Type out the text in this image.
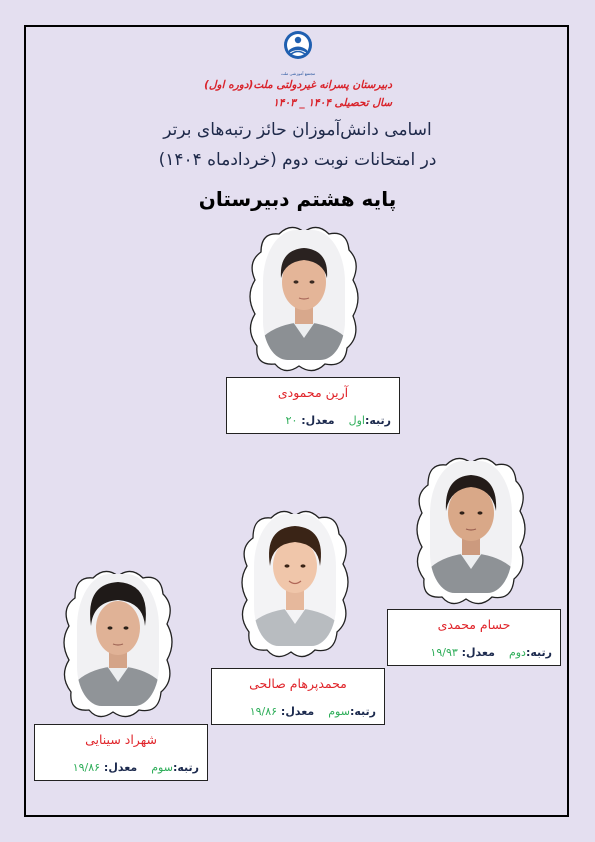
مجتمع آموزشی ملت
دبیرستان پسرانه غیردولتی ملت(دوره اول)
سال تحصیلی ۱۴۰۴ _ ۱۴۰۳
اسامی دانش‌آموزان حائز رتبه‌های برتر
در امتحانات نوبت دوم (خردادماه ۱۴۰۴)
پایه هشتم دبیرستان
آرین محمودی
رتبه:اولمعدل: ۲۰
حسام محمدی
رتبه:دوممعدل: ۱۹/۹۳
محمدپرهام صالحی
رتبه:سوممعدل: ۱۹/۸۶
شهراد سینایی
رتبه:سوممعدل: ۱۹/۸۶
